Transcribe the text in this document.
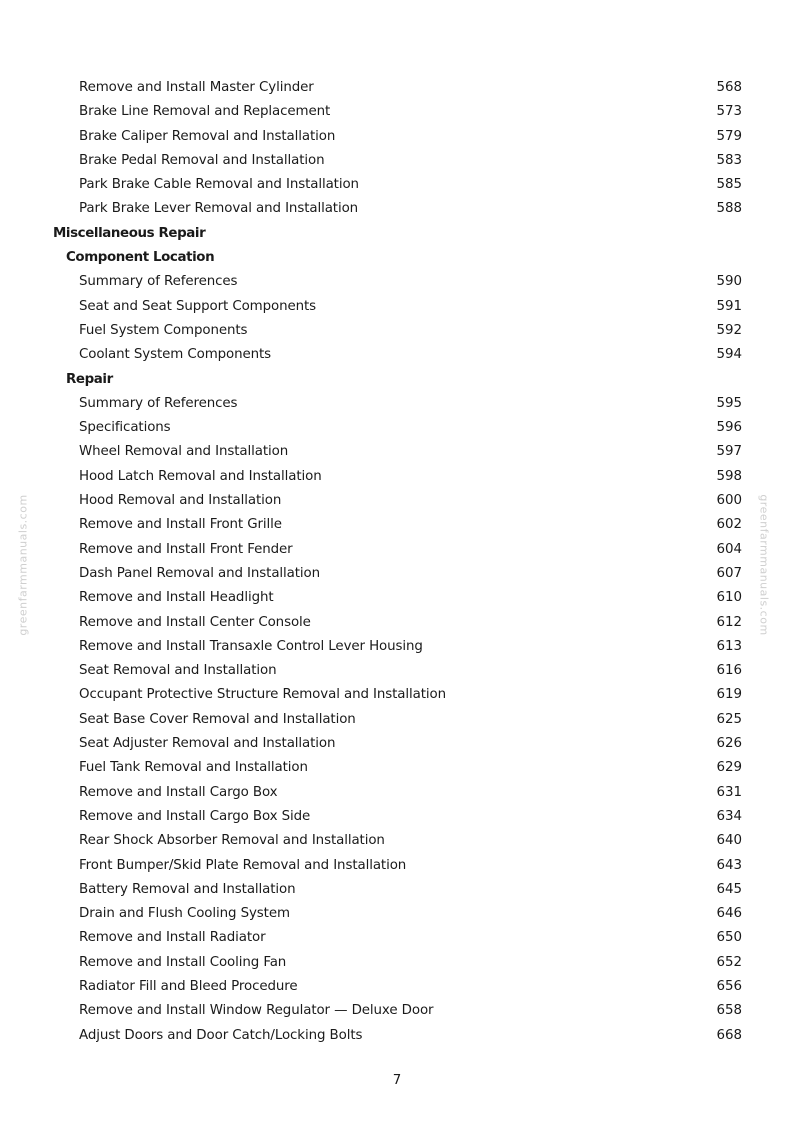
Remove and Install Master Cylinder	568
Brake Line Removal and Replacement	573
Brake Caliper Removal and Installation	579
Brake Pedal Removal and Installation	583
Park Brake Cable Removal and Installation	585
Park Brake Lever Removal and Installation	588
Miscellaneous Repair
Component Location
Summary of References	590
Seat and Seat Support Components	591
Fuel System Components	592
Coolant System Components	594
Repair
Summary of References	595
Specifications	596
Wheel Removal and Installation	597
Hood Latch Removal and Installation	598
Hood Removal and Installation	600
Remove and Install Front Grille	602
Remove and Install Front Fender	604
Dash Panel Removal and Installation	607
Remove and Install Headlight	610
Remove and Install Center Console	612
Remove and Install Transaxle Control Lever Housing	613
Seat Removal and Installation	616
Occupant Protective Structure Removal and Installation	619
Seat Base Cover Removal and Installation	625
Seat Adjuster Removal and Installation	626
Fuel Tank Removal and Installation	629
Remove and Install Cargo Box	631
Remove and Install Cargo Box Side	634
Rear Shock Absorber Removal and Installation	640
Front Bumper/Skid Plate Removal and Installation	643
Battery Removal and Installation	645
Drain and Flush Cooling System	646
Remove and Install Radiator	650
Remove and Install Cooling Fan	652
Radiator Fill and Bleed Procedure	656
Remove and Install Window Regulator — Deluxe Door	658
Adjust Doors and Door Catch/Locking Bolts	668
7
greenfarmmanuals.com	greenfarmmanuals.com
